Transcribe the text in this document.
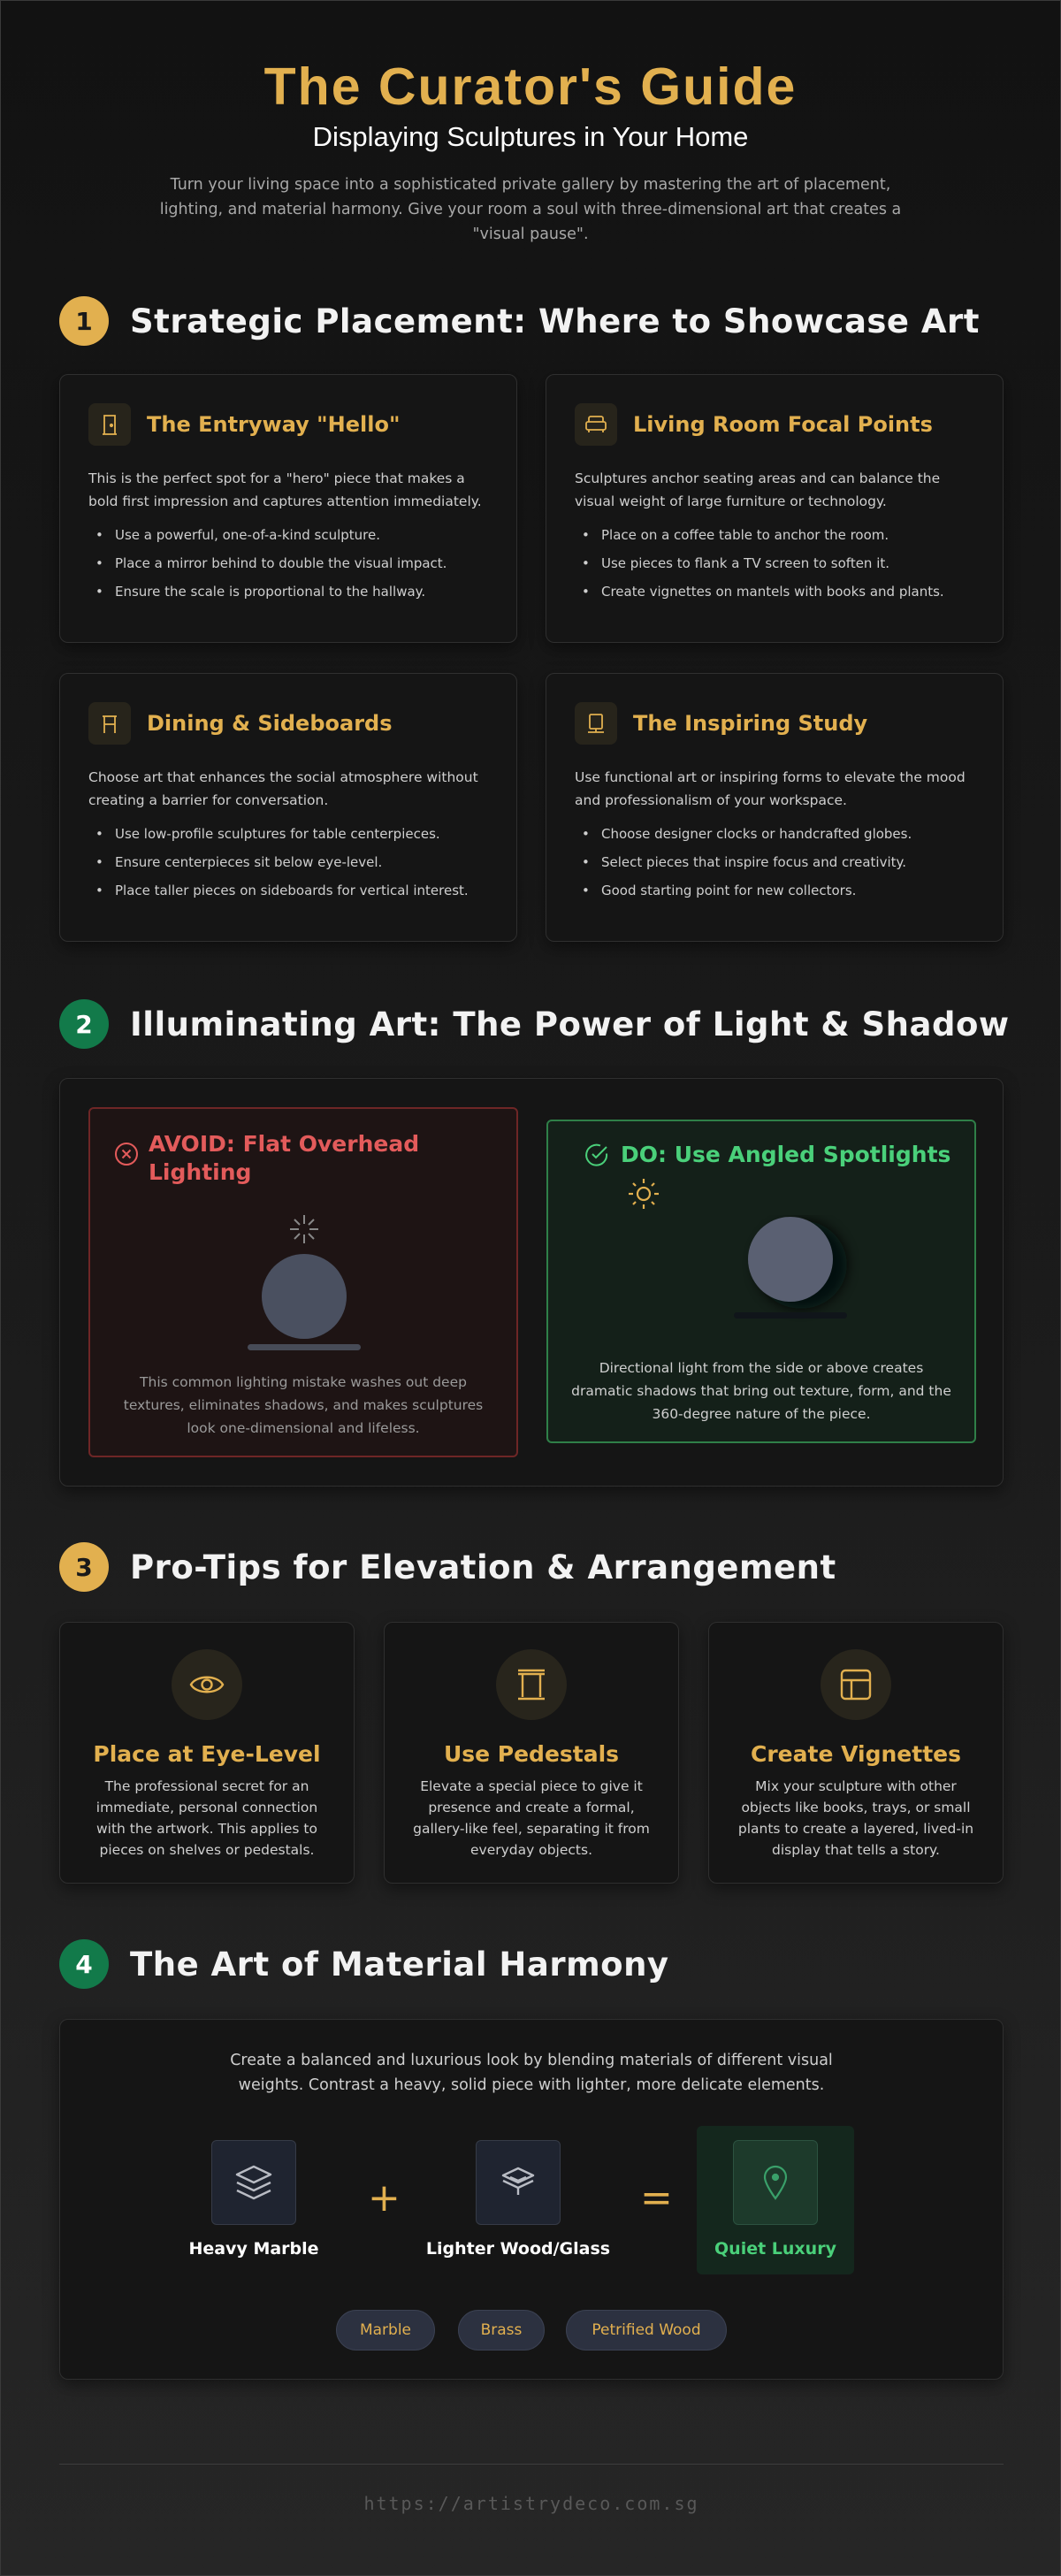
The Curator's Guide
Displaying Sculptures in Your Home

Turn your living space into a sophisticated private gallery by mastering the art of placement, lighting, and material harmony. Give your room a soul with three-dimensional art that creates a "visual pause".

1	Strategic Placement: Where to Showcase Art
The Entryway "Hello"

This is the perfect spot for a "hero" piece that makes a bold first impression and captures attention immediately.

• Use a powerful, one-of-a-kind sculpture.
• Place a mirror behind to double the visual impact.
• Ensure the scale is proportional to the hallway.
Living Room Focal Points

Sculptures anchor seating areas and can balance the visual weight of large furniture or technology.

• Place on a coffee table to anchor the room.
• Use pieces to flank a TV screen to soften it.
• Create vignettes on mantels with books and plants.
Dining & Sideboards

Choose art that enhances the social atmosphere without creating a barrier for conversation.

• Use low-profile sculptures for table centerpieces.
• Ensure centerpieces sit below eye-level.
• Place taller pieces on sideboards for vertical interest.
The Inspiring Study

Use functional art or inspiring forms to elevate the mood and professionalism of your workspace.

• Choose designer clocks or handcrafted globes.
• Select pieces that inspire focus and creativity.
• Good starting point for new collectors.
2	Illuminating Art: The Power of Light & Shadow
AVOID: Flat Overhead Lighting

This common lighting mistake washes out deep textures, eliminates shadows, and makes sculptures look one-dimensional and lifeless.

DO: Use Angled Spotlights

Directional light from the side or above creates dramatic shadows that bring out texture, form, and the 360-degree nature of the piece.

3	Pro-Tips for Elevation & Arrangement
Place at Eye-Level

The professional secret for an immediate, personal connection with the artwork. This applies to pieces on shelves or pedestals.

Use Pedestals

Elevate a special piece to give it presence and create a formal, gallery-like feel, separating it from everyday objects.

Create Vignettes

Mix your sculpture with other objects like books, trays, or small plants to create a layered, lived-in display that tells a story.

4	The Art of Material Harmony

Create a balanced and luxurious look by blending materials of different visual weights. Contrast a heavy, solid piece with lighter, more delicate elements.

Heavy Marble
+
Lighter Wood/Glass
=
Quiet Luxury
Marble	Brass	Petrified Wood
https://artistrydeco.com.sg
